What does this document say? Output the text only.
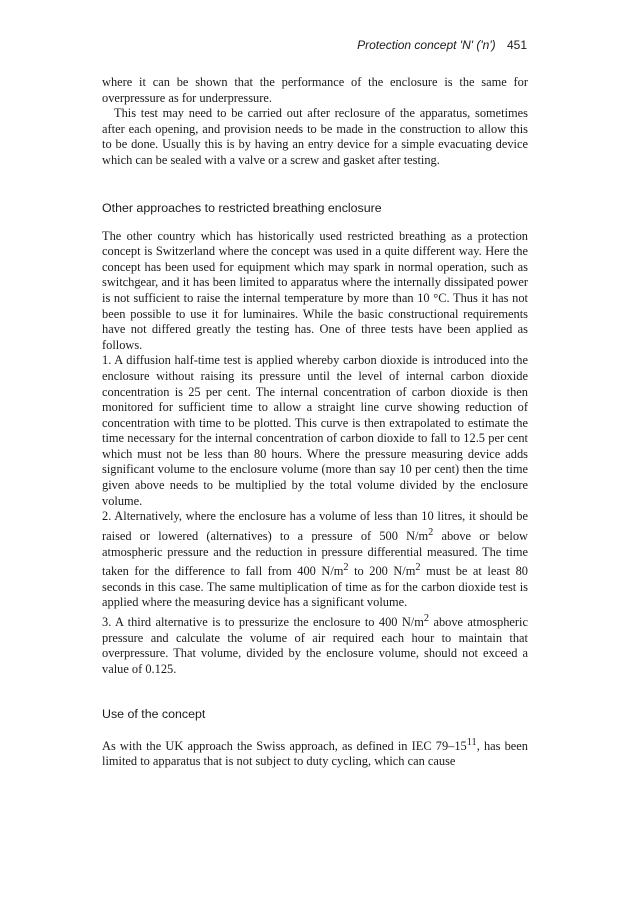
Protection concept 'N' ('n') 451

where it can be shown that the performance of the enclosure is the same for overpressure as for underpressure.

This test may need to be carried out after reclosure of the apparatus, sometimes after each opening, and provision needs to be made in the construction to allow this to be done. Usually this is by having an entry device for a simple evacuating device which can be sealed with a valve or a screw and gasket after testing.

Other approaches to restricted breathing enclosure

The other country which has historically used restricted breathing as a protection concept is Switzerland where the concept was used in a quite different way. Here the concept has been used for equipment which may spark in normal operation, such as switchgear, and it has been limited to apparatus where the internally dissipated power is not sufficient to raise the internal temperature by more than 10 °C. Thus it has not been possible to use it for luminaires. While the basic constructional requirements have not differed greatly the testing has. One of three tests have been applied as follows.

1. A diffusion half-time test is applied whereby carbon dioxide is introduced into the enclosure without raising its pressure until the level of internal carbon dioxide concentration is 25 per cent. The internal concentration of carbon dioxide is then monitored for sufficient time to allow a straight line curve showing reduction of concentration with time to be plotted. This curve is then extrapolated to estimate the time necessary for the internal concentration of carbon dioxide to fall to 12.5 per cent which must not be less than 80 hours. Where the pressure measuring device adds significant volume to the enclosure volume (more than say 10 per cent) then the time given above needs to be multiplied by the total volume divided by the enclosure volume.

2. Alternatively, where the enclosure has a volume of less than 10 litres, it should be raised or lowered (alternatives) to a pressure of 500 $N/m^2$ above or below atmospheric pressure and the reduction in pressure differential measured. The time taken for the difference to fall from 400 $N/m^2$ to 200 $N/m^2$ must be at least 80 seconds in this case. The same multiplication of time as for the carbon dioxide test is applied where the measuring device has a significant volume.

3. A third alternative is to pressurize the enclosure to 400 $N/m^2$ above atmospheric pressure and calculate the volume of air required each hour to maintain that overpressure. That volume, divided by the enclosure volume, should not exceed a value of 0.125.

Use of the concept

As with the UK approach the Swiss approach, as defined in IEC $79-15^{11}$, has been limited to apparatus that is not subject to duty cycling, which can cause
